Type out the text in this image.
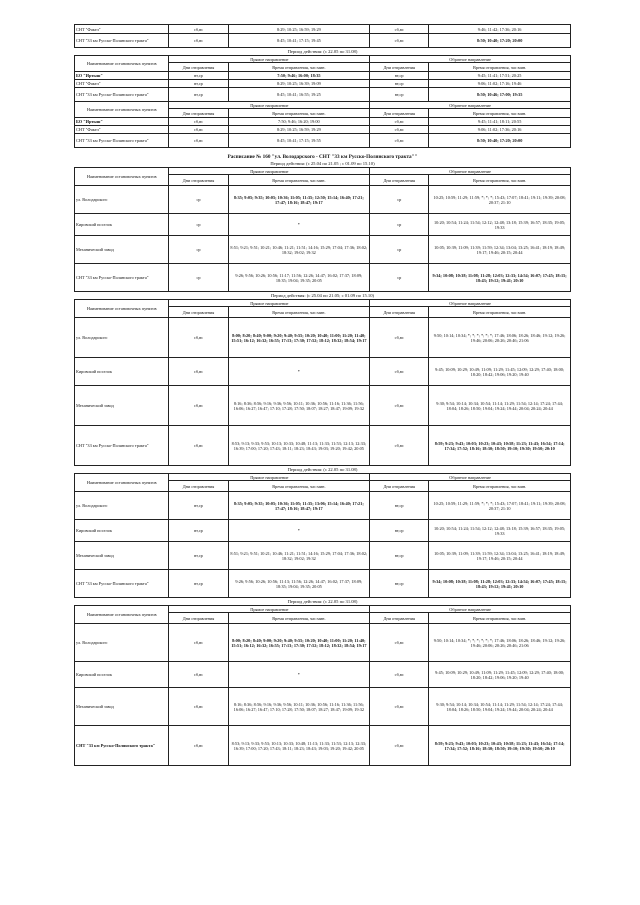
СНТ "Факел"	сб,вс	8:29; 10:25; 16:59; 19:29	сб,вс	9:46; 11:42; 17:36; 20:16
СНТ "33 км Русско-Полянского тракта"	сб,вс	8:45; 10:41; 17:15; 19:45	сб,вс	8:50; 10:40; 17:20; 20:00
Период действия: (с 22.05 по 31.08)
Наименование остановочных пунктов	Прямое направление		Обратное направление	
	Дни отправления	Время отправления, час:мин.	Дни отправления	Время отправления, час:мин.
БО "Иртыш"	вт,ср	7:50; 9:46; 16:00; 18:35	вт,ср	9:45; 11:41; 17:51; 20:25
СНТ "Факел"	вт,ср	8:29; 10:25; 16:39; 19:09	вт,ср	9:06; 11:02; 17:16; 19:46
СНТ "33 км Русско-Полянского тракта"	вт,ср	8:45; 10:41; 16:55; 19:25	вт,ср	8:50; 10:46; 17:00; 19:35
Наименование остановочных пунктов	Прямое направление		Обратное направление	
	Дни отправления	Время отправления, час:мин.	Дни отправления	Время отправления, час:мин.
БО "Иртыш"	сб,вс	7:50; 9:46; 16:20; 19:00	сб,вс	9:45; 11:41; 18:11; 20:55
СНТ "Факел"	сб,вс	8:29; 10:25; 16:59; 19:29	сб,вс	9:06; 11:02; 17:36; 20:16
СНТ "33 км Русско-Полянского тракта"	сб,вс	8:45; 10:41; 17:15; 19:55	сб,вс	8:50; 10:40; 17:20; 20:00
Расписание № 160 "ул. Володарского - СНТ "33 км Русско-Полянского тракта""
Период действия: (с 25.04 по 21.05 ; с 01.09 по 15.10)
Наименование остановочных пунктов	Прямое направление		Обратное направление	
	Дни отправления	Время отправления, час:мин.	Дни отправления	Время отправления, час:мин.
ул. Володарского	ср	8:35; 9:05; 9:35; 10:05; 10:36; 11:05; 11:35; 12:50; 15:14; 16:40; 17:21; 17:47; 18:16; 18:47; 19:17	ср	10:25; 10:59; 11:29; 11:59; *; *; *; 15:43; 17:07; 18:41; 19:11; 19:39; 20:08; 20:37; 21:10
Кировский поселок	ср	*	ср	10:20; 10:54; 11:24; 11:54; 12:12; 12:48; 13:18; 15:39; 16:57; 18:35; 19:05; 19:33
Механический завод	ср	8:51; 9:21; 9:51; 10:21; 10:46; 11:21; 11:51; 14:16; 15:29; 17:04; 17:36; 18:02; 18:32; 19:02; 19:32	ср	10:05; 10:39; 11:09; 11:39; 11:59; 12:34; 13:04; 13:25; 16:41; 18:19; 18:49; 19:17; 19:46; 20:15; 20:44
СНТ "33 км Русско-Полянского тракта"	ср	9:26; 9:56; 10:26; 10:56; 11:17; 11:56; 12:26; 14:47; 16:02; 17:37; 18:09; 18:35; 19:04; 19:35; 20:05	ср	9:34; 10:08; 10:38; 11:08; 11:28; 12:03; 12:33; 14:54; 16:07; 17:45; 18:15; 18:43; 19:12; 19:41; 20:10
Период действия: (с 25.04 по 21.05; с 01.09 по 15.10)
Наименование остановочных пунктов	Прямое направление		Обратное направление	
	Дни отправления	Время отправления, час:мин.	Дни отправления	Время отправления, час:мин.
ул. Володарского	сб,вс	8:00; 8:20; 8:40; 9:00; 9:20; 9:40; 9:55; 10:20; 10:40; 11:00; 11:20; 11:40; 15:51; 16:12; 16:32; 16:55; 17:13; 17:30; 17:52; 18:12; 18:32; 18:54; 19:17	сб,вс	9:50; 10:14; 10:34; *; *; *; *; *; *; 17:46; 18:06; 18:26; 18:46; 19:12; 19:26; 19:46; 20:06; 20:26; 20:46; 21:06
Кировский поселок	сб,вс	*	сб,вс	9:45; 10:09; 10:29; 10:49; 11:09; 11:29; 11:45; 12:09; 12:29; 17:40; 18:00; 18:20; 18:42; 19:06; 19:20; 19:40
Механический завод	сб,вс	8:16; 8:36; 8:56; 9:16; 9:36; 9:56; 10:11; 10:36; 10:56; 11:16; 11:36; 11:56; 16:06; 16:27; 16:47; 17:10; 17:28; 17:50; 18:07; 18:27; 18:47; 19:09; 19:32	сб,вс	9:30; 9:54; 10:14; 10:34; 10:54; 11:14; 11:29; 11:54; 12:14; 17:24; 17:44; 18:04; 18:26; 18:50; 19:04; 19:24; 19:44; 20:04; 20:24; 20:44
СНТ "33 км Русско-Полянского тракта"	сб,вс	8:53; 9:13; 9:33; 9:53; 10:13; 10:33; 10:48; 11:13; 11:33; 11:53; 12:13; 12:33; 16:39; 17:00; 17:20; 17:43; 18:11; 18:23; 18:43; 19:03; 19:20; 19:42; 20:05	сб,вс	8:59; 9:23; 9:43; 10:03; 10:23; 10:43; 10:58; 11:23; 11:43; 16:54; 17:14; 17:34; 17:52; 18:16; 18:30; 18:50; 19:10; 19:30; 19:50; 20:10
Период действия: (с 22.05 по 31.08)
Наименование остановочных пунктов	Прямое направление		Обратное направление	
	Дни отправления	Время отправления, час:мин.	Дни отправления	Время отправления, час:мин.
ул. Володарского	вт,ср	8:35; 9:05; 9:35; 10:05; 10:36; 11:05; 11:35; 13:06; 15:14; 16:40; 17:21; 17:47; 18:16; 18:47; 19:17	вт,ср	10:25; 10:59; 11:29; 11:59; *; *; *; 15:43; 17:07; 18:41; 19:11; 19:39; 20:08; 20:37; 21:10
Кировский поселок	вт,ср	*	вт,ср	10:20; 10:54; 11:24; 11:54; 12:12; 12:48; 13:18; 15:39; 16:57; 18:35; 19:05; 19:33
Механический завод	вт,ср	8:51; 9:21; 9:51; 10:21; 10:46; 11:21; 11:51; 14:16; 15:29; 17:04; 17:36; 18:02; 18:32; 19:02; 19:32	вт,ср	10:05; 10:39; 11:09; 11:39; 11:59; 12:34; 13:04; 13:25; 16:41; 18:19; 18:49; 19:17; 19:46; 20:15; 20:44
СНТ "33 км Русско-Полянского тракта"	вт,ср	9:26; 9:56; 10:26; 10:56; 11:13; 11:56; 12:26; 14:47; 16:02; 17:37; 18:09; 18:35; 19:04; 19:35; 20:05	вт,ср	9:34; 10:08; 10:38; 11:08; 11:28; 12:03; 12:33; 14:54; 16:07; 17:45; 18:15; 18:43; 19:12; 19:41; 20:10
Период действия: (с 22.05 по 31.08)
Наименование остановочных пунктов	Прямое направление		Обратное направление	
	Дни отправления	Время отправления, час:мин.	Дни отправления	Время отправления, час:мин.
ул. Володарского	сб,вс	8:00; 8:20; 8:40; 9:00; 9:20; 9:40; 9:55; 10:20; 10:40; 11:00; 11:20; 11:40; 15:51; 16:12; 16:32; 16:55; 17:13; 17:30; 17:52; 18:12; 18:32; 18:54; 19:17	сб,вс	9:50; 10:14; 10:34; *; *; *; *; *; *; 17:46; 18:06; 18:26; 18:46; 19:12; 19:26; 19:46; 20:06; 20:26; 20:46; 21:06
Кировский поселок	сб,вс	*	сб,вс	9:45; 10:09; 10:29; 10:49; 11:09; 11:29; 11:45; 12:09; 12:29; 17:40; 18:00; 18:20; 18:42; 19:06; 19:20; 19:40
Механический завод	сб,вс	8:16; 8:36; 8:56; 9:16; 9:36; 9:56; 10:11; 10:36; 10:56; 11:16; 11:36; 11:56; 16:06; 16:27; 16:47; 17:10; 17:28; 17:50; 18:07; 18:27; 18:47; 19:09; 19:32	сб,вс	9:30; 9:54; 10:14; 10:34; 10:54; 11:14; 11:29; 11:54; 12:14; 17:24; 17:44; 18:04; 18:26; 18:50; 19:04; 19:24; 19:44; 20:04; 20:24; 20:44
СНТ "33 км Русско-Полянского тракта"	сб,вс	8:53; 9:13; 9:33; 9:53; 10:13; 10:33; 10:48; 11:13; 11:33; 11:53; 12:13; 12:33; 16:39; 17:00; 17:20; 17:43; 18:11; 18:23; 18:43; 19:03; 19:20; 19:42; 20:05	сб,вс	8:59; 9:23; 9:43; 10:03; 10:23; 10:43; 10:58; 11:23; 11:43; 16:54; 17:14; 17:34; 17:52; 18:16; 18:30; 18:50; 19:10; 19:30; 19:50; 20:10
